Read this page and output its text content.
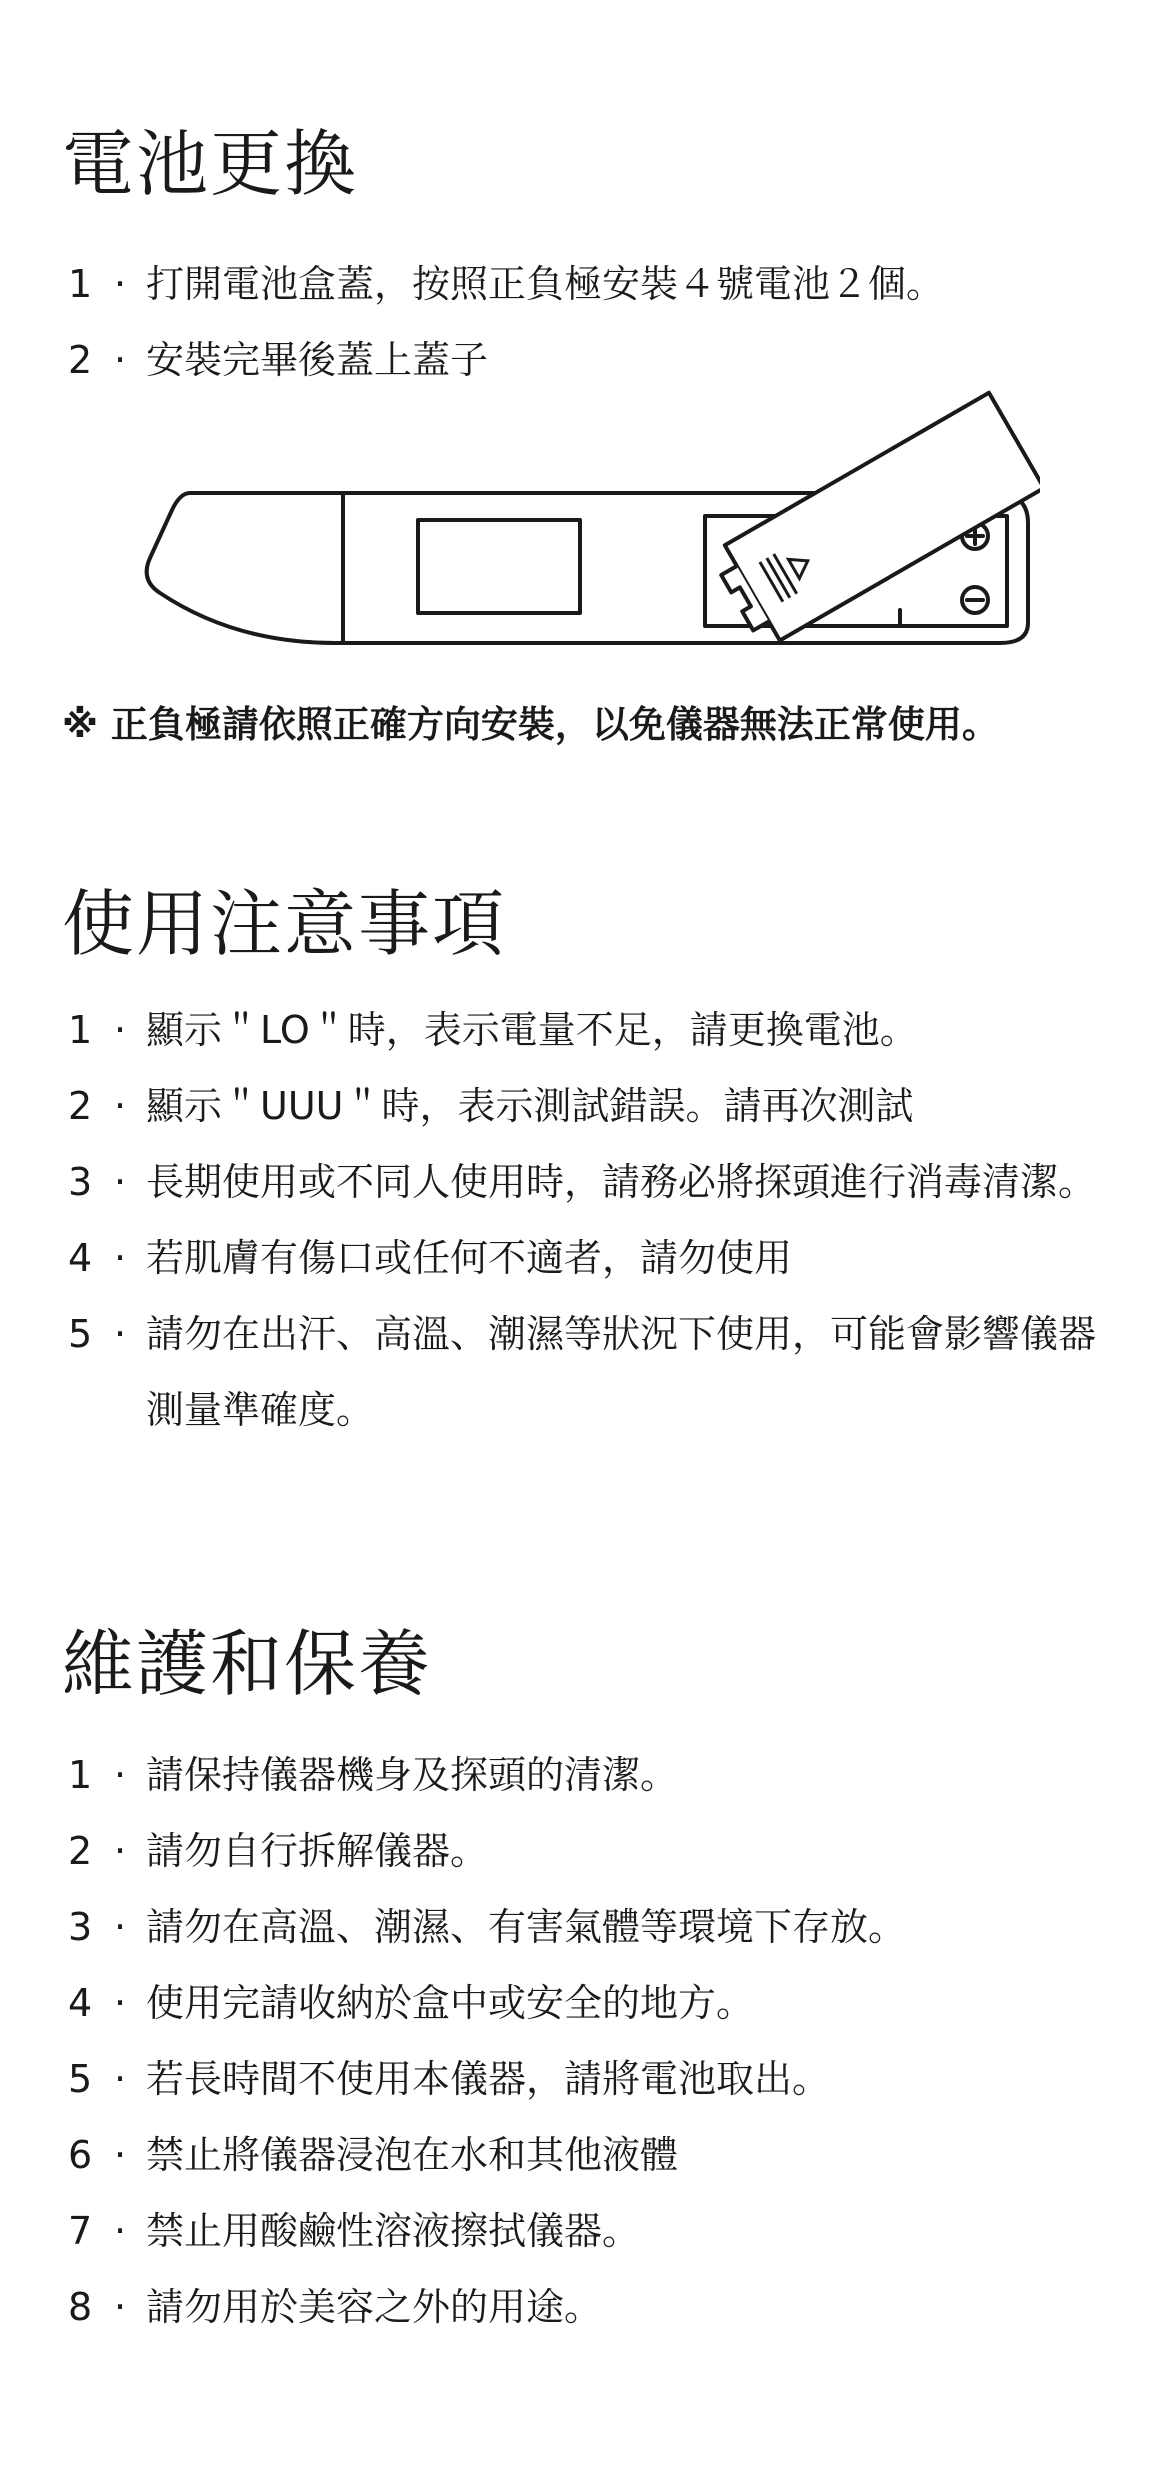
電池更換
1 · 打開電池盒蓋，按照正負極安裝４號電池２個。
2 · 安裝完畢後蓋上蓋子
※ 正負極請依照正確方向安裝，以免儀器無法正常使用。
使用注意事項
1 · 顯示＂LO＂時，表示電量不足，請更換電池。
2 · 顯示＂UUU＂時，表示測試錯誤。請再次測試
3 · 長期使用或不同人使用時，請務必將探頭進行消毒清潔。
4 · 若肌膚有傷口或任何不適者，請勿使用
5 · 請勿在出汗、高溫、潮濕等狀況下使用，可能會影響儀器測量準確度。
維護和保養
1 · 請保持儀器機身及探頭的清潔。
2 · 請勿自行拆解儀器。
3 · 請勿在高溫、潮濕、有害氣體等環境下存放。
4 · 使用完請收納於盒中或安全的地方。
5 · 若長時間不使用本儀器，請將電池取出。
6 · 禁止將儀器浸泡在水和其他液體
7 · 禁止用酸鹼性溶液擦拭儀器。
8 · 請勿用於美容之外的用途。
